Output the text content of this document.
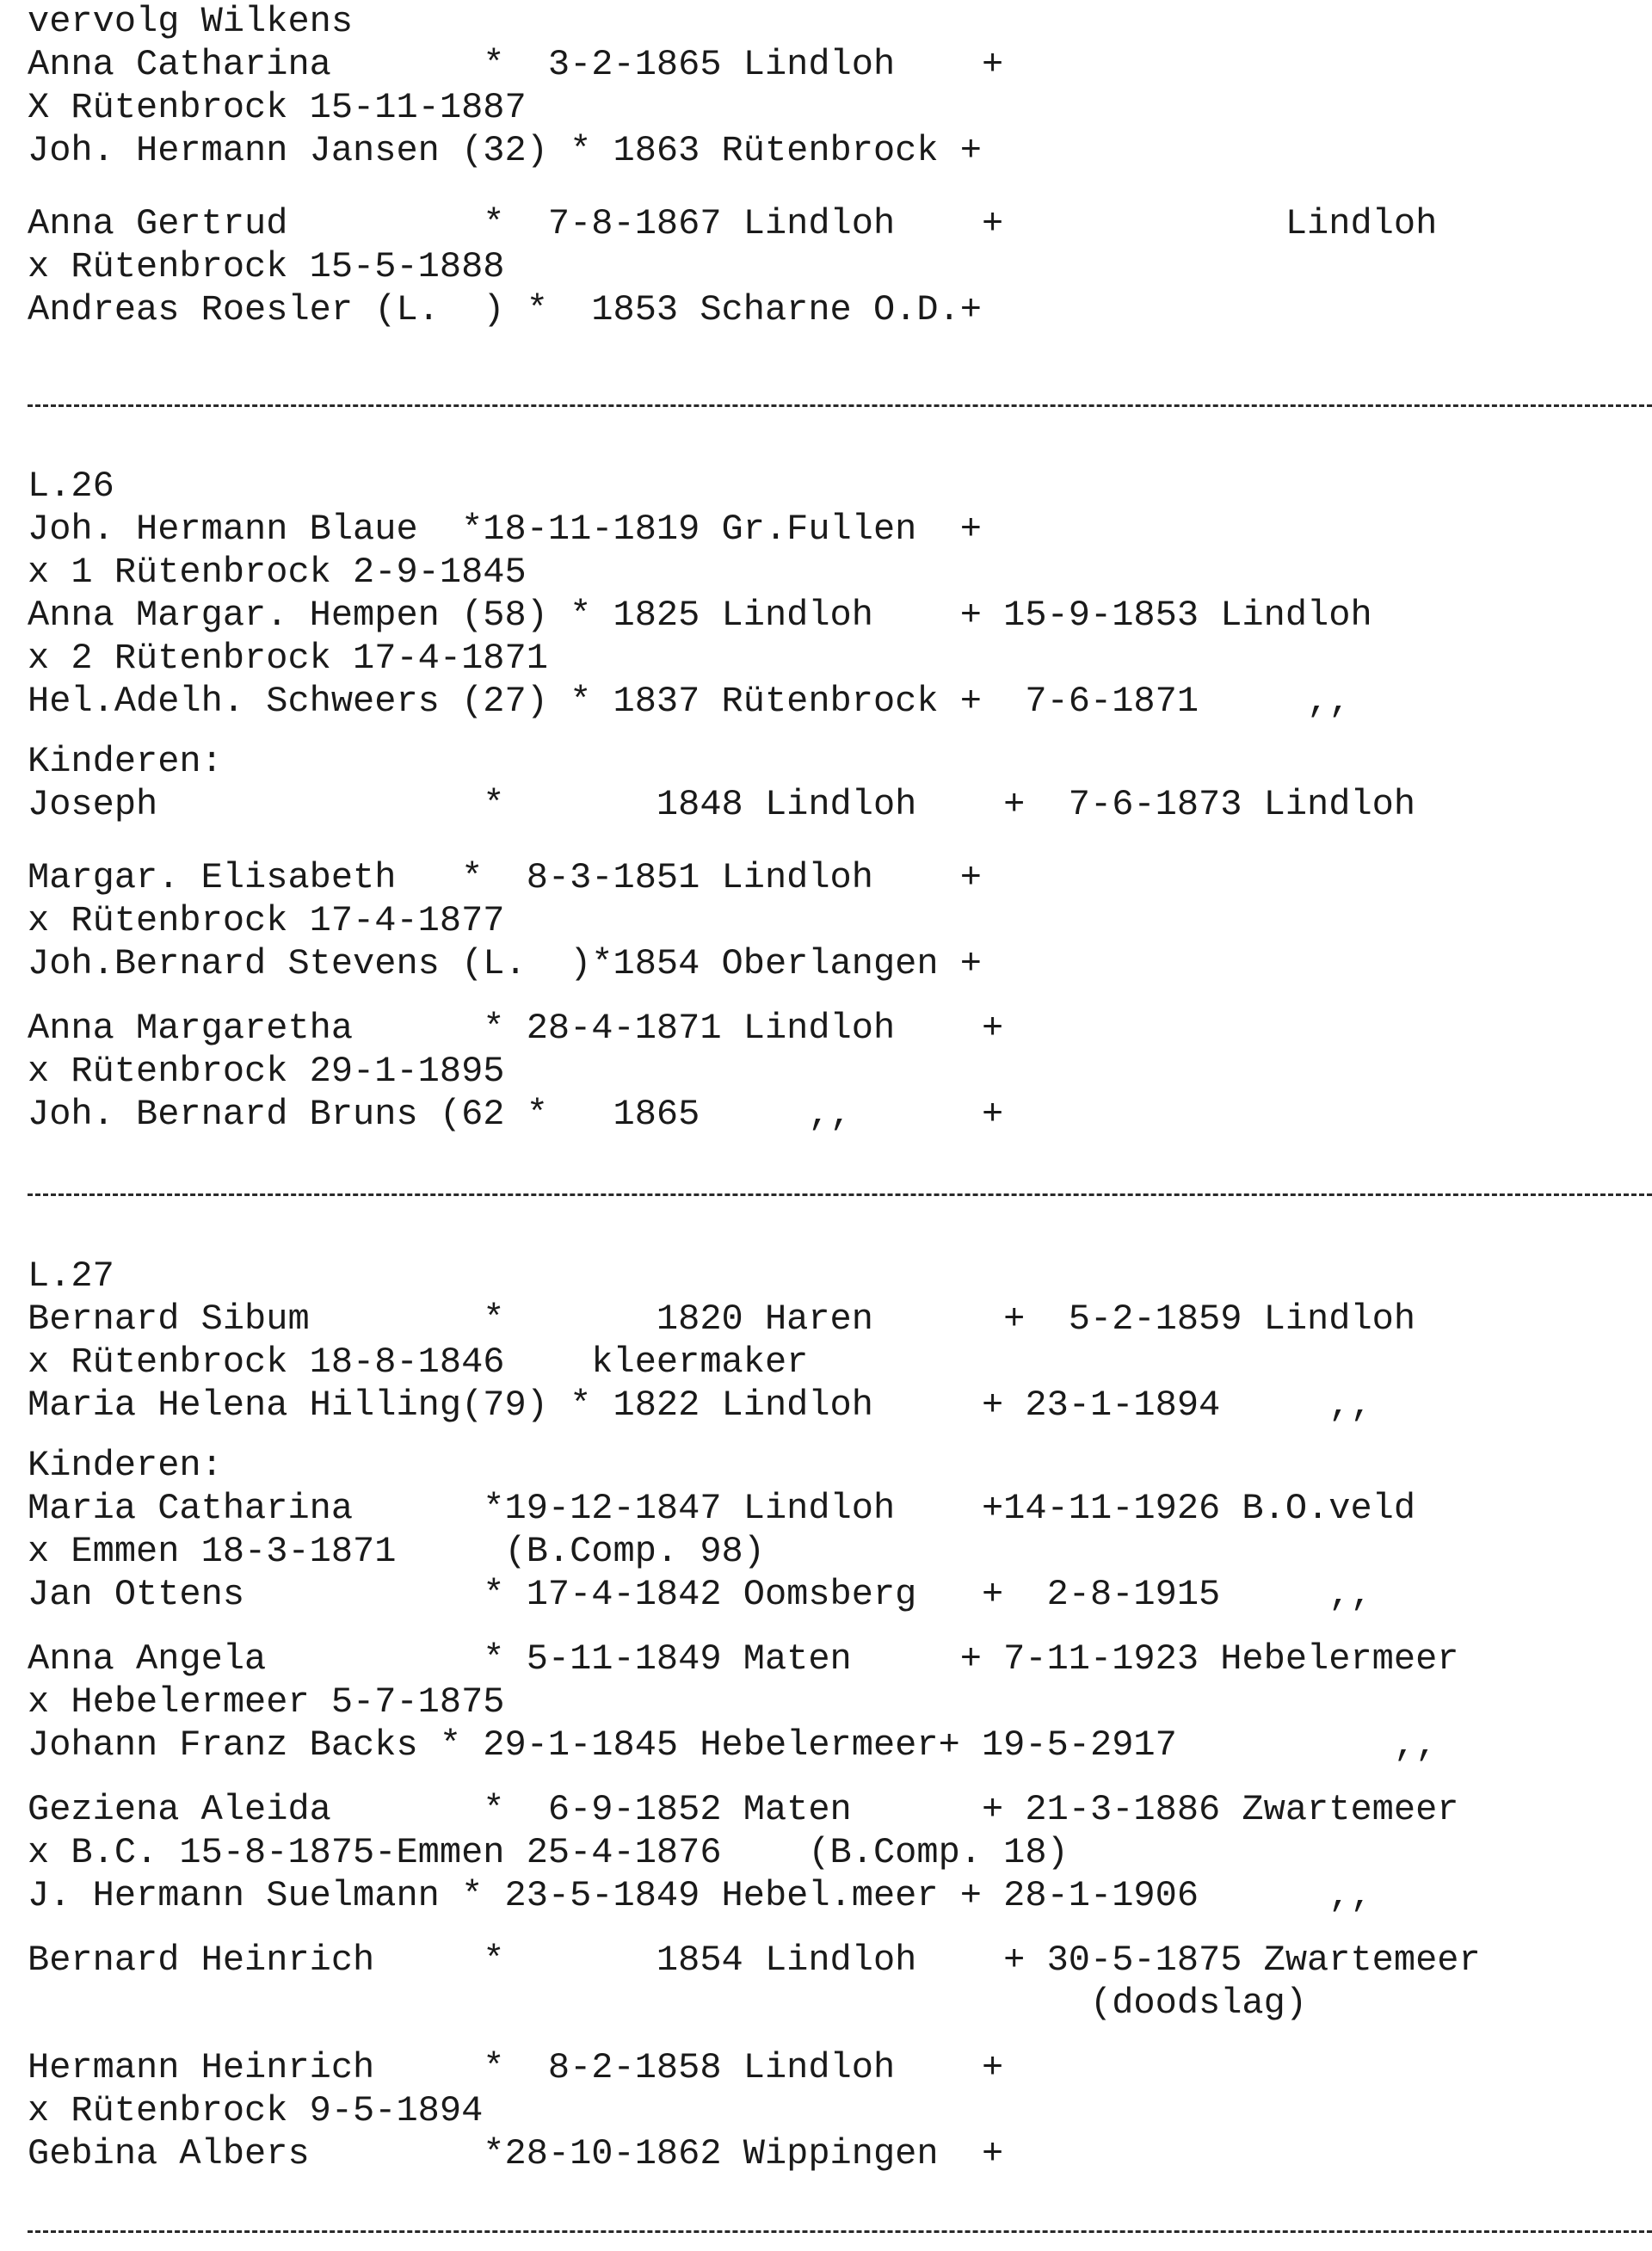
vervolg Wilkens
Anna Catharina       *  3-2-1865 Lindloh    +
X Rütenbrock 15-11-1887
Joh. Hermann Jansen (32) * 1863 Rütenbrock +
Anna Gertrud         *  7-8-1867 Lindloh    +             Lindloh
x Rütenbrock 15-5-1888
Andreas Roesler (L.  ) *  1853 Scharne O.D.+
L.26
Joh. Hermann Blaue  *18-11-1819 Gr.Fullen  +
x 1 Rütenbrock 2-9-1845
Anna Margar. Hempen (58) * 1825 Lindloh    + 15-9-1853 Lindloh
x 2 Rütenbrock 17-4-1871
Hel.Adelh. Schweers (27) * 1837 Rütenbrock +  7-6-1871     ,,
Kinderen:
Joseph               *       1848 Lindloh    +  7-6-1873 Lindloh
Margar. Elisabeth   *  8-3-1851 Lindloh    +
x Rütenbrock 17-4-1877
Joh.Bernard Stevens (L.  )*1854 Oberlangen +
Anna Margaretha      * 28-4-1871 Lindloh    +
x Rütenbrock 29-1-1895
Joh. Bernard Bruns (62 *   1865     ,,      +
L.27
Bernard Sibum        *       1820 Haren      +  5-2-1859 Lindloh
x Rütenbrock 18-8-1846    kleermaker
Maria Helena Hilling(79) * 1822 Lindloh     + 23-1-1894     ,,
Kinderen:
Maria Catharina      *19-12-1847 Lindloh    +14-11-1926 B.O.veld
x Emmen 18-3-1871     (B.Comp. 98)
Jan Ottens           * 17-4-1842 Oomsberg   +  2-8-1915     ,,
Anna Angela          * 5-11-1849 Maten     + 7-11-1923 Hebelermeer
x Hebelermeer 5-7-1875
Johann Franz Backs * 29-1-1845 Hebelermeer+ 19-5-2917          ,,
Geziena Aleida       *  6-9-1852 Maten      + 21-3-1886 Zwartemeer
x B.C. 15-8-1875-Emmen 25-4-1876    (B.Comp. 18)
J. Hermann Suelmann * 23-5-1849 Hebel.meer + 28-1-1906      ,,
Bernard Heinrich     *       1854 Lindloh    + 30-5-1875 Zwartemeer
(doodslag)
Hermann Heinrich     *  8-2-1858 Lindloh    +
x Rütenbrock 9-5-1894
Gebina Albers        *28-10-1862 Wippingen  +
